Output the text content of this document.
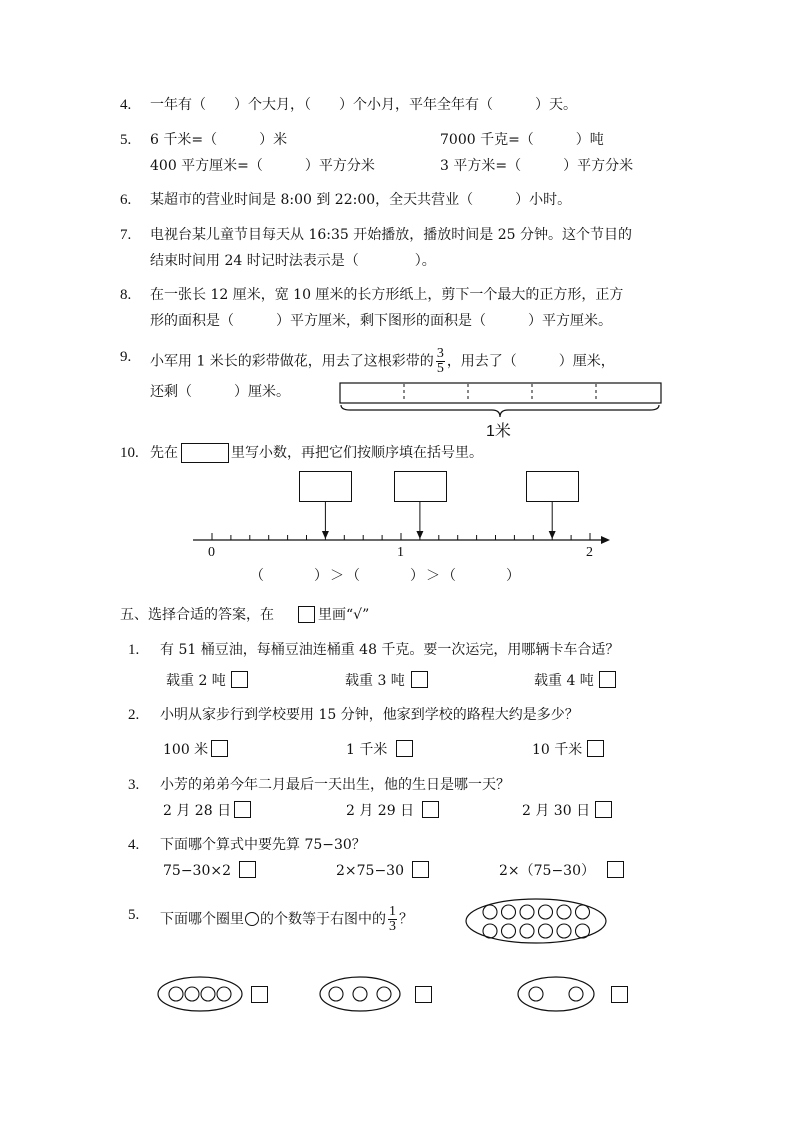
4. 一年有（　　）个大月，（　　）个小月，平年全年有（　　　）天。
5. 6 千米=（　　　）米	7000 千克=（　　　）吨
400 平方厘米=（　　　）平方分米	3 平方米=（　　　）平方分米
6. 某超市的营业时间是 8:00 到 22:00，全天共营业（　　　）小时。
7. 电视台某儿童节目每天从 16:35 开始播放，播放时间是 25 分钟。这个节目的
结束时间用 24 时记时法表示是（　　　　）。
8. 在一张长 12 厘米，宽 10 厘米的长方形纸上，剪下一个最大的正方形，正方
形的面积是（　　　）平方厘米，剩下图形的面积是（　　　）平方厘米。
9. 小军用 1 米长的彩带做花，用去了这根彩带的 $\frac{3}{5}$ ，用去了（　　　）厘米，
还剩（　　　）厘米。
1米
10. 先在	里写小数，再把它们按顺序填在括号里。
0	1	2
（　　　）＞（　　　）＞（　　　）
五、选择合适的答案，在	里画“√”
1. 有 51 桶豆油，每桶豆油连桶重 48 千克。要一次运完，用哪辆卡车合适？
载重 2 吨	载重 3 吨	载重 4 吨
2. 小明从家步行到学校要用 15 分钟，他家到学校的路程大约是多少？
100 米	1 千米	10 千米
3. 小芳的弟弟今年二月最后一天出生，他的生日是哪一天？
2 月 28 日	2 月 29 日	2 月 30 日
4. 下面哪个算式中要先算 75−30？
75−30×2	2×75−30	2×（75−30）
5. 下面哪个圈里 的个数等于右图中的 $\frac{1}{3}$ ？
